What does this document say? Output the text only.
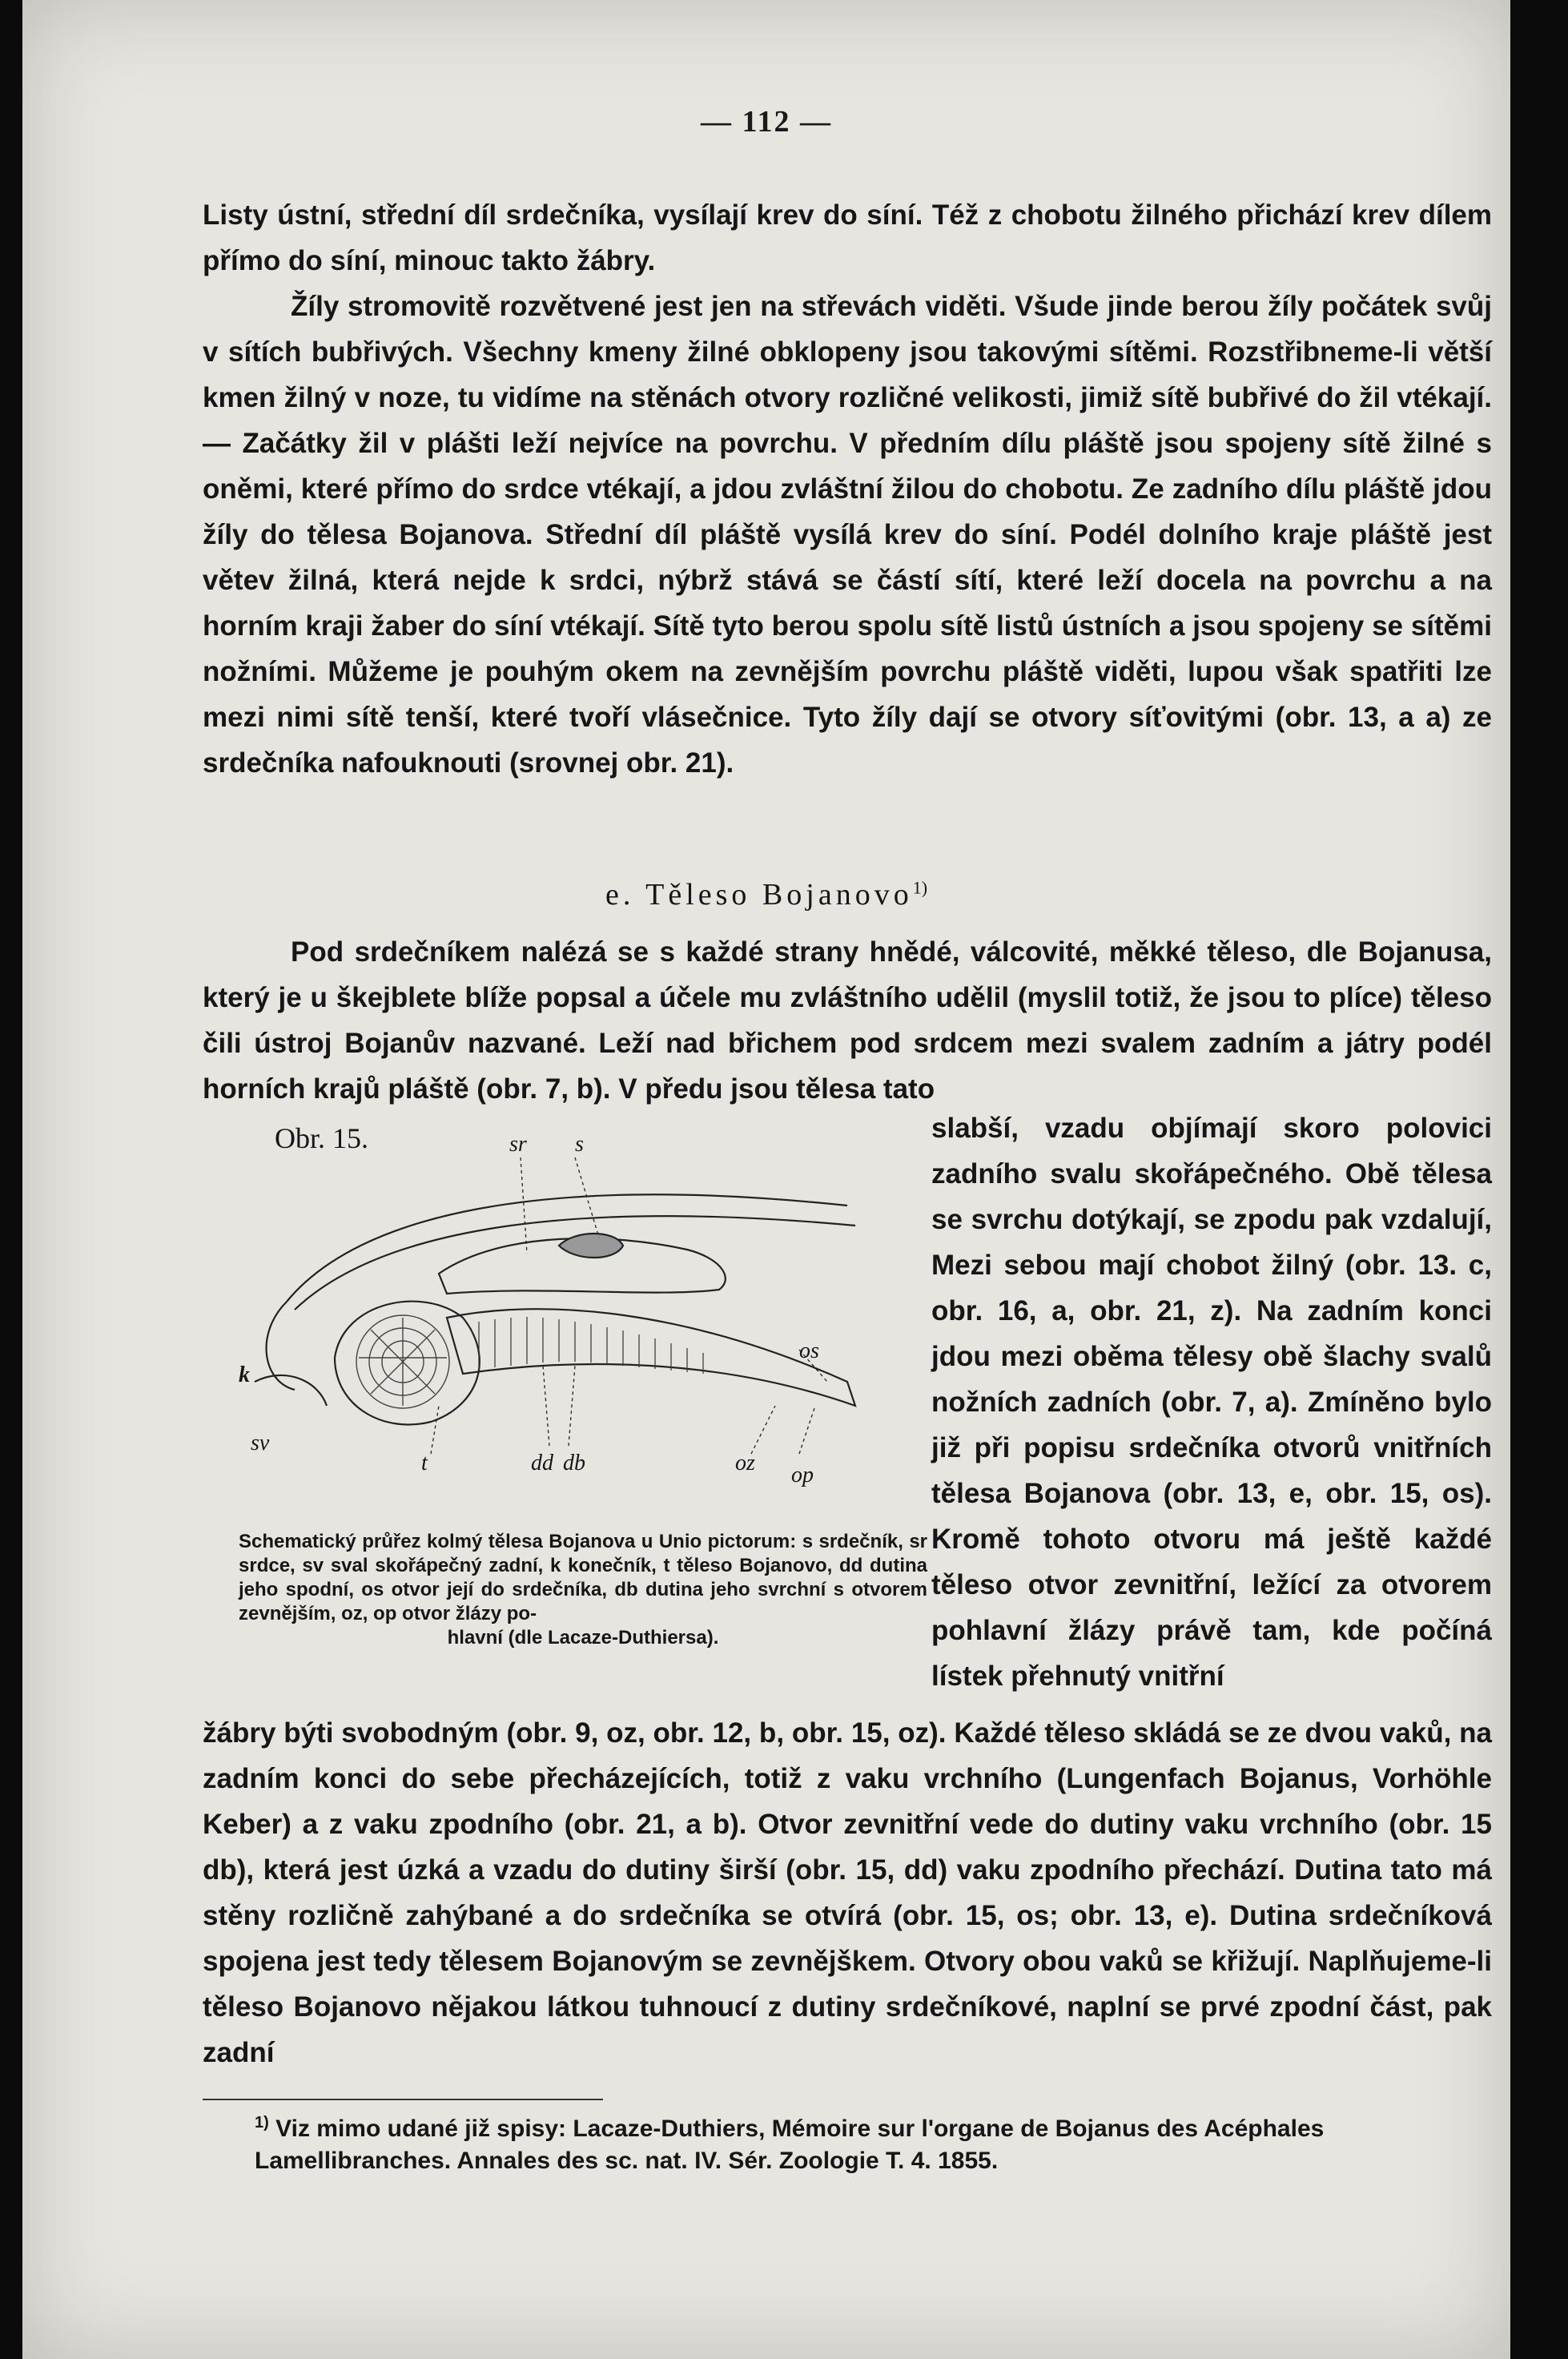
— 112 —

Listy ústní, střední díl srdečníka, vysílají krev do síní. Též z chobotu žilného přichází krev dílem přímo do síní, minouc takto žábry.

Žíly stromovitě rozvětvené jest jen na střevách viděti. Všude jinde berou žíly počátek svůj v sítích bubřivých. Všechny kmeny žilné obklopeny jsou takovými sítěmi. Rozstřibneme-li větší kmen žilný v noze, tu vidíme na stěnách otvory rozličné velikosti, jimiž sítě bubřivé do žil vtékají. — Začátky žil v plášti leží nejvíce na povrchu. V předním dílu pláště jsou spojeny sítě žilné s oněmi, které přímo do srdce vtékají, a jdou zvláštní žilou do chobotu. Ze zadního dílu pláště jdou žíly do tělesa Bojanova. Střední díl pláště vysílá krev do síní. Podél dolního kraje pláště jest větev žilná, která nejde k srdci, nýbrž stává se částí sítí, které leží docela na povrchu a na horním kraji žaber do síní vtékají. Sítě tyto berou spolu sítě listů ústních a jsou spojeny se sítěmi nožními. Můžeme je pouhým okem na zevnějším povrchu pláště viděti, lupou však spatřiti lze mezi nimi sítě tenší, které tvoří vlásečnice. Tyto žíly dají se otvory síťovitými (obr. 13, a a) ze srdečníka nafouknouti (srovnej obr. 21).

e. Těleso Bojanovo$^{1)}$

Pod srdečníkem nalézá se s každé strany hnědé, válcovité, měkké těleso, dle Bojanusa, který je u škejblete blíže popsal a účele mu zvláštního udělil (myslil totiž, že jsou to plíce) těleso čili ústroj Bojanův nazvané. Leží nad břichem pod srdcem mezi svalem zadním a játry podél horních krajů pláště (obr. 7, b). V předu jsou tělesa tato

Obr. 15.	sr s
k
sv
os
t	dd db	oz op
Schematický průřez kolmý tělesa Bojanova u Unio pictorum: s srdečník, sr srdce, sv sval skořápečný zadní, k konečník, t těleso Bojanovo, dd dutina jeho spodní, os otvor její do srdečníka, db dutina jeho svrchní s otvorem zevnějším, oz, op otvor žlázy po-
hlavní (dle Lacaze-Duthiersa).

slabší, vzadu objímají skoro polovici zadního svalu skořápečného. Obě tělesa se svrchu dotýkají, se zpodu pak vzdalují, Mezi sebou mají chobot žilný (obr. 13. c, obr. 16, a, obr. 21, z). Na zadním konci jdou mezi oběma tělesy obě šlachy svalů nožních zadních (obr. 7, a). Zmíněno bylo již při popisu srdečníka otvorů vnitřních tělesa Bojanova (obr. 13, e, obr. 15, os). Kromě tohoto otvoru má ještě každé těleso otvor zevnitřní, ležící za otvorem pohlavní žlázy právě tam, kde počíná lístek přehnutý vnitřní

žábry býti svobodným (obr. 9, oz, obr. 12, b, obr. 15, oz). Každé těleso skládá se ze dvou vaků, na zadním konci do sebe přecházejících, totiž z vaku vrchního (Lungenfach Bojanus, Vorhöhle Keber) a z vaku zpodního (obr. 21, a b). Otvor zevnitřní vede do dutiny vaku vrchního (obr. 15 db), která jest úzká a vzadu do dutiny širší (obr. 15, dd) vaku zpodního přechází. Dutina tato má stěny rozličně zahýbané a do srdečníka se otvírá (obr. 15, os; obr. 13, e). Dutina srdečníková spojena jest tedy tělesem Bojanovým se zevnějškem. Otvory obou vaků se křižují. Naplňujeme-li těleso Bojanovo nějakou látkou tuhnoucí z dutiny srdečníkové, naplní se prvé zpodní část, pak zadní

$^{1)}$ Viz mimo udané již spisy: Lacaze-Duthiers, Mémoire sur l'organe de Bojanus des Acéphales Lamellibranches. Annales des sc. nat. IV. Sér. Zoologie T. 4. 1855.
